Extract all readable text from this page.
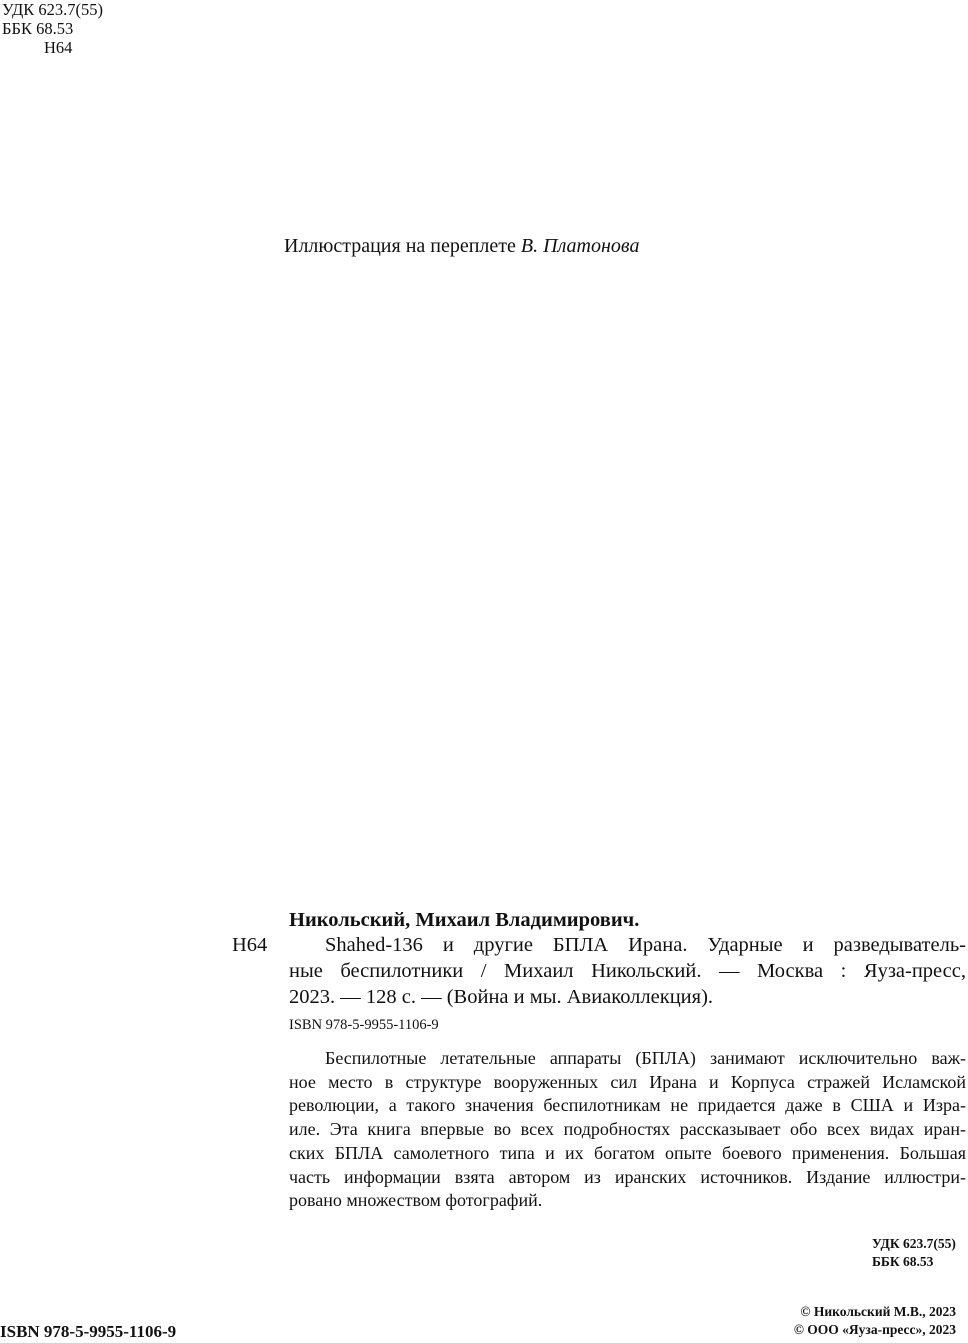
УДК 623.7(55)
ББК 68.53
Н64
Иллюстрация на переплете В. Платонова
Никольский, Михаил Владимирович.
Н64	Shahed-136 и другие БПЛА Ирана. Ударные и разведыватель-
ные беспилотники / Михаил Никольский. — Москва : Яуза-пресс,
2023. — 128 с. — (Война и мы. Авиаколлекция).
ISBN 978-5-9955-1106-9
Беспилотные летательные аппараты (БПЛА) занимают исключительно важ-
ное место в структуре вооруженных сил Ирана и Корпуса стражей Исламской
революции, а такого значения беспилотникам не придается даже в США и Изра-
иле. Эта книга впервые во всех подробностях рассказывает обо всех видах иран-
ских БПЛА самолетного типа и их богатом опыте боевого применения. Большая
часть информации взята автором из иранских источников. Издание иллюстри-
ровано множеством фотографий.
УДК 623.7(55)
ББК 68.53
ISBN 978-5-9955-1106-9
© Никольский М.В., 2023
© ООО «Яуза-пресс», 2023
